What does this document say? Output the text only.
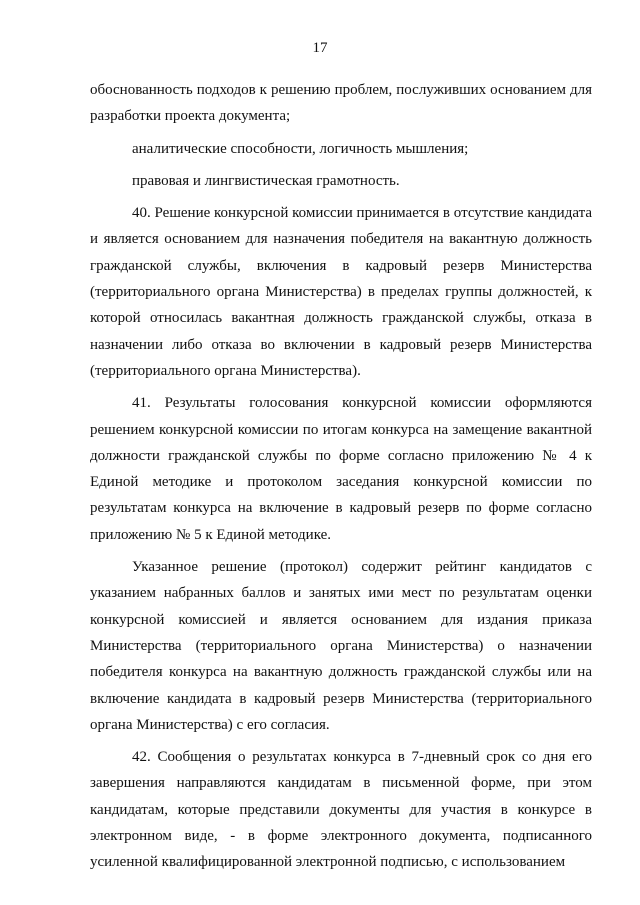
17

обоснованность подходов к решению проблем, послуживших основанием для разработки проекта документа;

аналитические способности, логичность мышления;

правовая и лингвистическая грамотность.

40. Решение конкурсной комиссии принимается в отсутствие кандидата и является основанием для назначения победителя на вакантную должность гражданской службы, включения в кадровый резерв Министерства (территориального органа Министерства) в пределах группы должностей, к которой относилась вакантная должность гражданской службы, отказа в назначении либо отказа во включении в кадровый резерв Министерства (территориального органа Министерства).

41. Результаты голосования конкурсной комиссии оформляются решением конкурсной комиссии по итогам конкурса на замещение вакантной должности гражданской службы по форме согласно приложению № 4 к Единой методике и протоколом заседания конкурсной комиссии по результатам конкурса на включение в кадровый резерв по форме согласно приложению № 5 к Единой методике.

Указанное решение (протокол) содержит рейтинг кандидатов с указанием набранных баллов и занятых ими мест по результатам оценки конкурсной комиссией и является основанием для издания приказа Министерства (территориального органа Министерства) о назначении победителя конкурса на вакантную должность гражданской службы или на включение кандидата в кадровый резерв Министерства (территориального органа Министерства) с его согласия.

42. Сообщения о результатах конкурса в 7-дневный срок со дня его завершения направляются кандидатам в письменной форме, при этом кандидатам, которые представили документы для участия в конкурсе в электронном виде, - в форме электронного документа, подписанного усиленной квалифицированной электронной подписью, с использованием
